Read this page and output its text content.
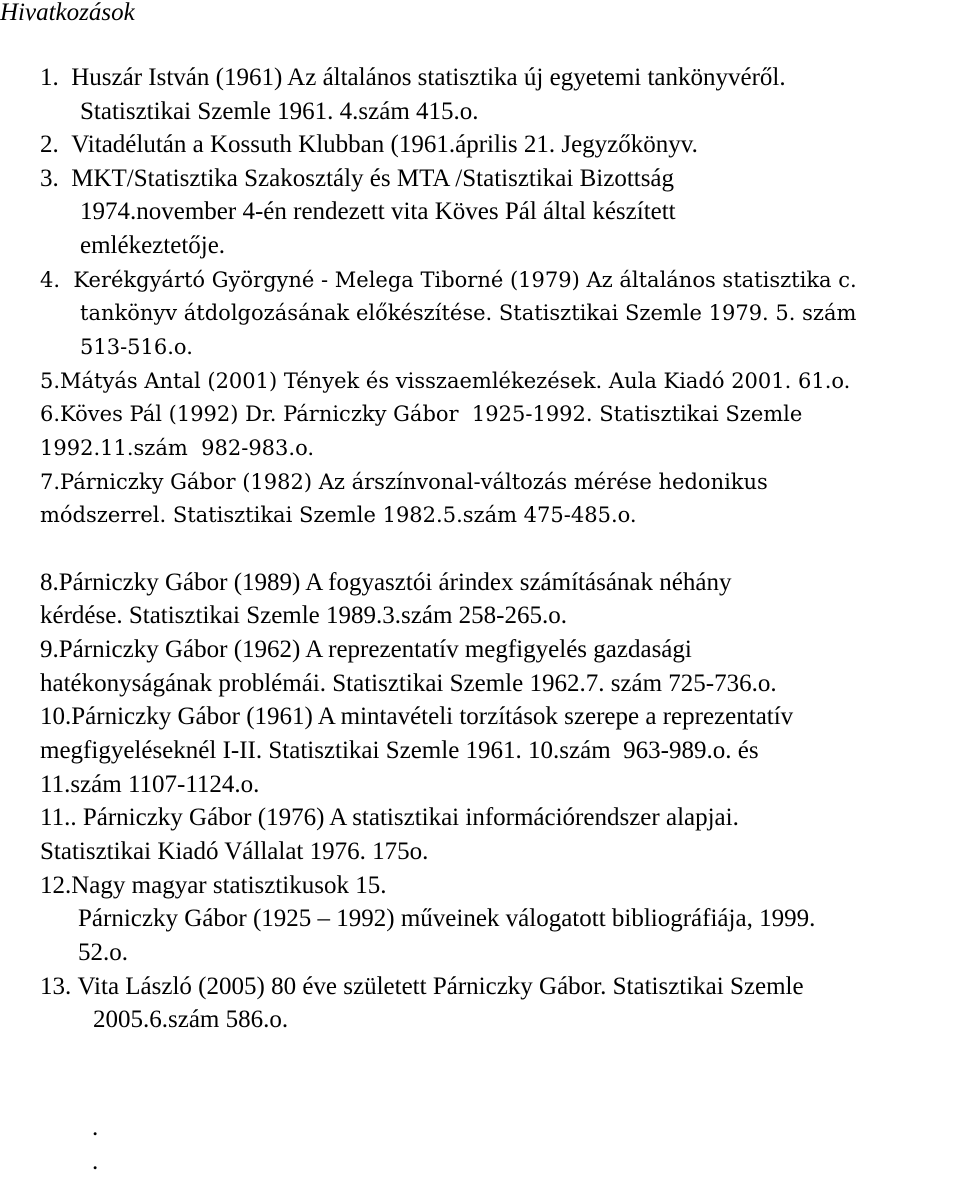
Hivatkozások
1.  Huszár István (1961) Az általános statisztika új egyetemi tankönyvéről.
Statisztikai Szemle 1961. 4.szám 415.o.
2.  Vitadélután a Kossuth Klubban (1961.április 21. Jegyzőkönyv.
3.  MKT/Statisztika Szakosztály és MTA /Statisztikai Bizottság
1974.november 4-én rendezett vita Köves Pál által készített
emlékeztetője.
4.  Kerékgyártó Györgyné - Melega Tiborné (1979) Az általános statisztika c.
tankönyv átdolgozásának előkészítése. Statisztikai Szemle 1979. 5. szám
513-516.o.
5.Mátyás Antal (2001) Tények és visszaemlékezések. Aula Kiadó 2001. 61.o.
6.Köves Pál (1992) Dr. Párniczky Gábor  1925-1992. Statisztikai Szemle
1992.11.szám  982-983.o.
7.Párniczky Gábor (1982) Az árszínvonal-változás mérése hedonikus
módszerrel. Statisztikai Szemle 1982.5.szám 475-485.o.
8.Párniczky Gábor (1989) A fogyasztói árindex számításának néhány
kérdése. Statisztikai Szemle 1989.3.szám 258-265.o.
9.Párniczky Gábor (1962) A reprezentatív megfigyelés gazdasági
hatékonyságának problémái. Statisztikai Szemle 1962.7. szám 725-736.o.
10.Párniczky Gábor (1961) A mintavételi torzítások szerepe a reprezentatív
megfigyeléseknél I-II. Statisztikai Szemle 1961. 10.szám  963-989.o. és
11.szám 1107-1124.o.
11.. Párniczky Gábor (1976) A statisztikai információrendszer alapjai.
Statisztikai Kiadó Vállalat 1976. 175o.
12.Nagy magyar statisztikusok 15.
Párniczky Gábor (1925 – 1992) műveinek válogatott bibliográfiája, 1999.
52.o.
13. Vita László (2005) 80 éve született Párniczky Gábor. Statisztikai Szemle
2005.6.szám 586.o.
.
.
